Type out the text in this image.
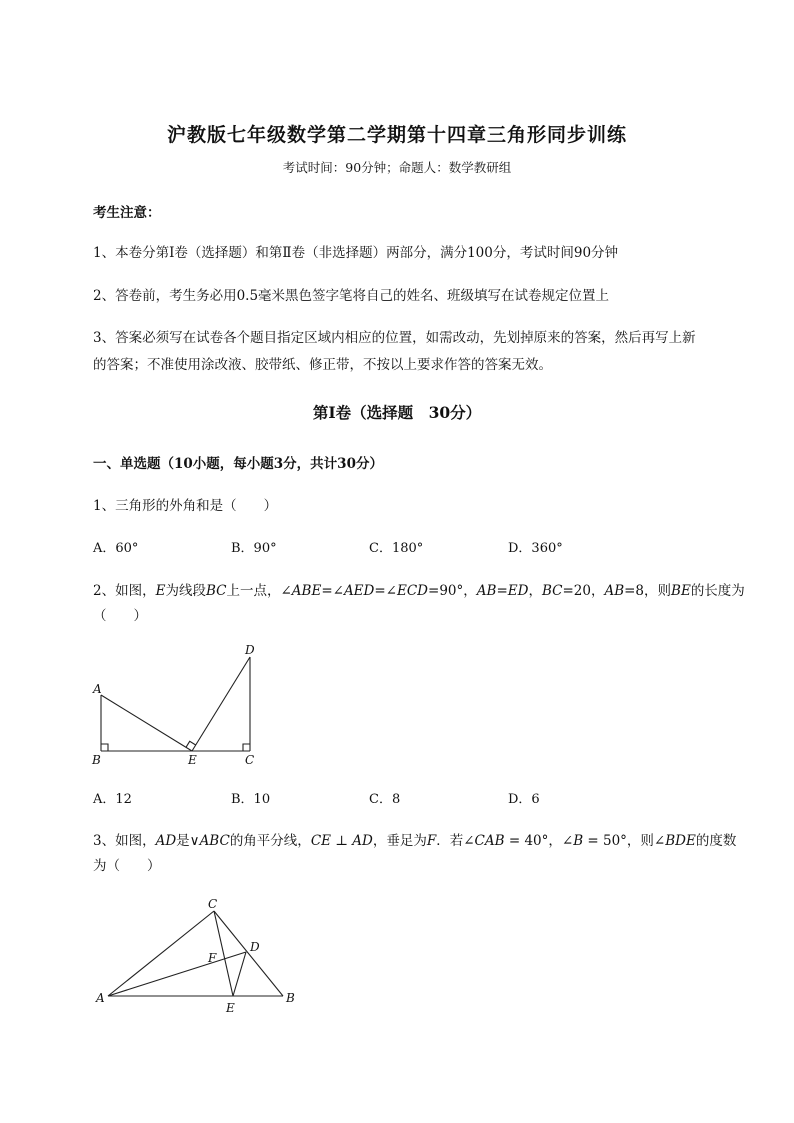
沪教版七年级数学第二学期第十四章三角形同步训练
考试时间：90分钟；命题人：数学教研组
考生注意：
1、本卷分第I卷（选择题）和第Ⅱ卷（非选择题）两部分，满分100分，考试时间90分钟
2、答卷前，考生务必用0.5毫米黑色签字笔将自己的姓名、班级填写在试卷规定位置上
3、答案必须写在试卷各个题目指定区域内相应的位置，如需改动，先划掉原来的答案，然后再写上新
的答案；不准使用涂改液、胶带纸、修正带，不按以上要求作答的答案无效。
第I卷（选择题　30分）
一、单选题（10小题，每小题3分，共计30分）
1、三角形的外角和是（　　）
A．60°	B．90°	C．180°	D．360°
2、如图，E为线段BC上一点，∠ABE=∠AED=∠ECD=90°，AB=ED，BC=20，AB=8，则BE的长度为
（　　）
A
B	C
D
E
A．12	B．10	C．8	D．6
3、如图，AD是∨ABC的角平分线，CE ⊥ AD，垂足为F．若∠CAB = 40°，∠B = 50°，则∠BDE的度数
为（　　）
A	B
C
D
E
F
